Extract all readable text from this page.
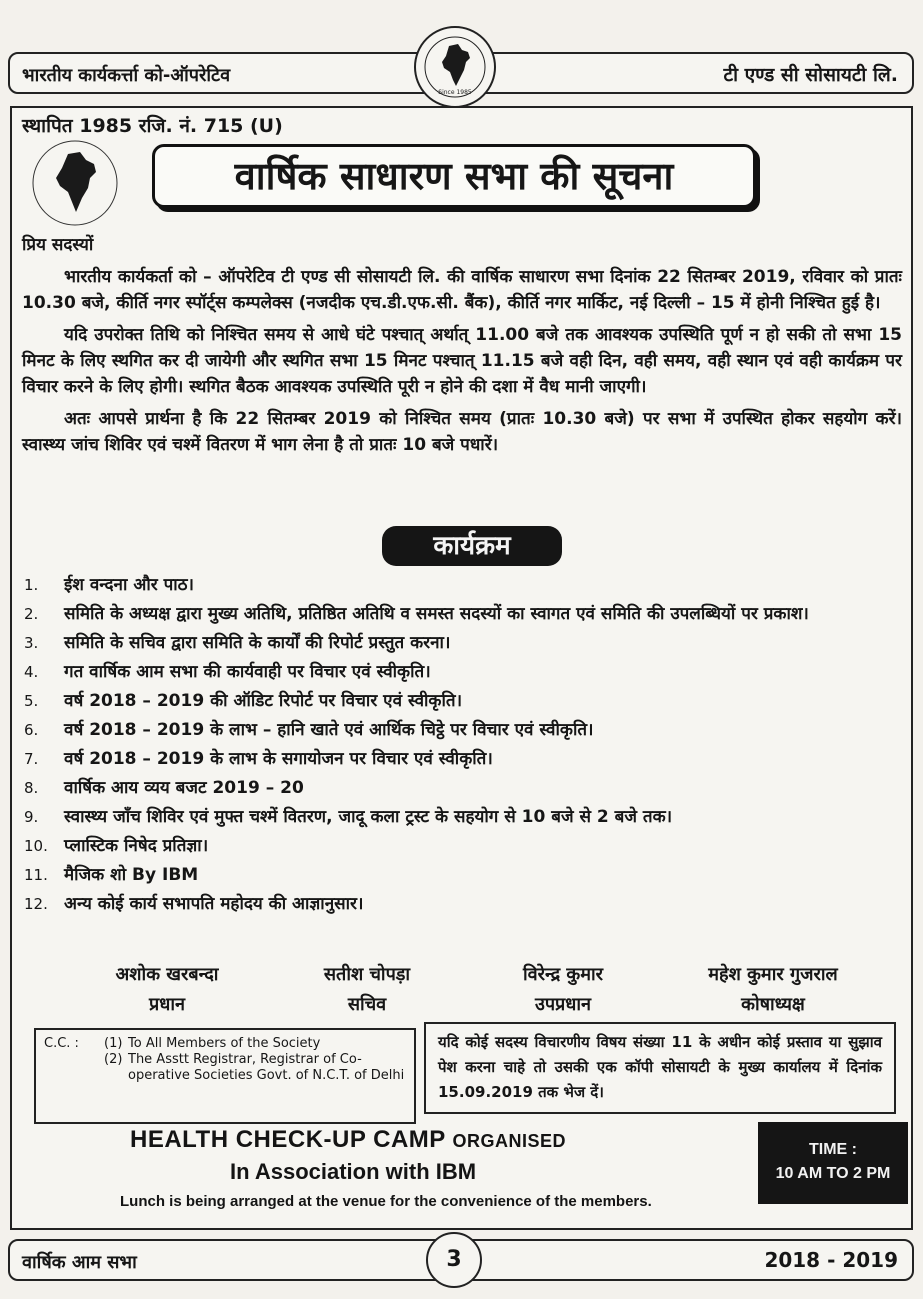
भारतीय कार्यकर्त्ता को-ऑपरेटिव	टी एण्ड सी सोसायटी लि.
Since 1985
स्थापित 1985 रजि. नं. 715 (U)
वार्षिक साधारण सभा की सूचना

प्रिय सदस्यों

भारतीय कार्यकर्ता को – ऑपरेटिव टी एण्ड सी सोसायटी लि. की वार्षिक साधारण सभा दिनांक 22 सितम्बर 2019, रविवार को प्रातः 10.30 बजे, कीर्ति नगर स्पॉर्ट्स कम्पलेक्स (नजदीक एच.डी.एफ.सी. बैंक), कीर्ति नगर मार्किट, नई दिल्ली – 15 में होनी निश्चित हुई है।

यदि उपरोक्त तिथि को निश्चित समय से आधे घंटे पश्चात् अर्थात् 11.00 बजे तक आवश्यक उपस्थिति पूर्ण न हो सकी तो सभा 15 मिनट के लिए स्थगित कर दी जायेगी और स्थगित सभा 15 मिनट पश्चात् 11.15 बजे वही दिन, वही समय, वही स्थान एवं वही कार्यक्रम पर विचार करने के लिए होगी। स्थगित बैठक आवश्यक उपस्थिति पूरी न होने की दशा में वैध मानी जाएगी।

अतः आपसे प्रार्थना है कि 22 सितम्बर 2019 को निश्चित समय (प्रातः 10.30 बजे) पर सभा में उपस्थित होकर सहयोग करें। स्वास्थ्य जांच शिविर एवं चश्में वितरण में भाग लेना है तो प्रातः 10 बजे पधारें।

कार्यक्रम
1.	ईश वन्दना और पाठ।
2.	समिति के अध्यक्ष द्वारा मुख्य अतिथि, प्रतिष्ठित अतिथि व समस्त सदस्यों का स्वागत एवं समिति की उपलब्धियों पर प्रकाश।
3.	समिति के सचिव द्वारा समिति के कार्यों की रिपोर्ट प्रस्तुत करना।
4.	गत वार्षिक आम सभा की कार्यवाही पर विचार एवं स्वीकृति।
5.	वर्ष 2018 – 2019 की ऑडिट रिपोर्ट पर विचार एवं स्वीकृति।
6.	वर्ष 2018 – 2019 के लाभ – हानि खाते एवं आर्थिक चिट्ठे पर विचार एवं स्वीकृति।
7.	वर्ष 2018 – 2019 के लाभ के सगायोजन पर विचार एवं स्वीकृति।
8.	वार्षिक आय व्यय बजट 2019 – 20
9.	स्वास्थ्य जाँच शिविर एवं मुफ्त चश्में वितरण, जादू कला ट्रस्ट के सहयोग से 10 बजे से 2 बजे तक।
10. प्लास्टिक निषेद प्रतिज्ञा।
11. मैजिक शो By IBM
12. अन्य कोई कार्य सभापति महोदय की आज्ञानुसार।
अशोक खरबन्दा
प्रधान
सतीश चोपड़ा
सचिव
विरेन्द्र कुमार
उपप्रधान
महेश कुमार गुजराल
कोषाध्यक्ष
C.C. :	(1) To All Members of the Society
(2) The Asstt Registrar, Registrar of Co-operative Societies Govt. of N.C.T. of Delhi
यदि कोई सदस्य विचारणीय विषय संख्या 11 के अधीन कोई प्रस्ताव या सुझाव पेश करना चाहे तो उसकी एक कॉपी सोसायटी के मुख्य कार्यालय में दिनांक 15.09.2019 तक भेज दें।
HEALTH CHECK-UP CAMP ORGANISED
In Association with IBM
Lunch is being arranged at the venue for the convenience of the members.
TIME :
10 AM TO 2 PM
वार्षिक आम सभा	2018 - 2019
3
